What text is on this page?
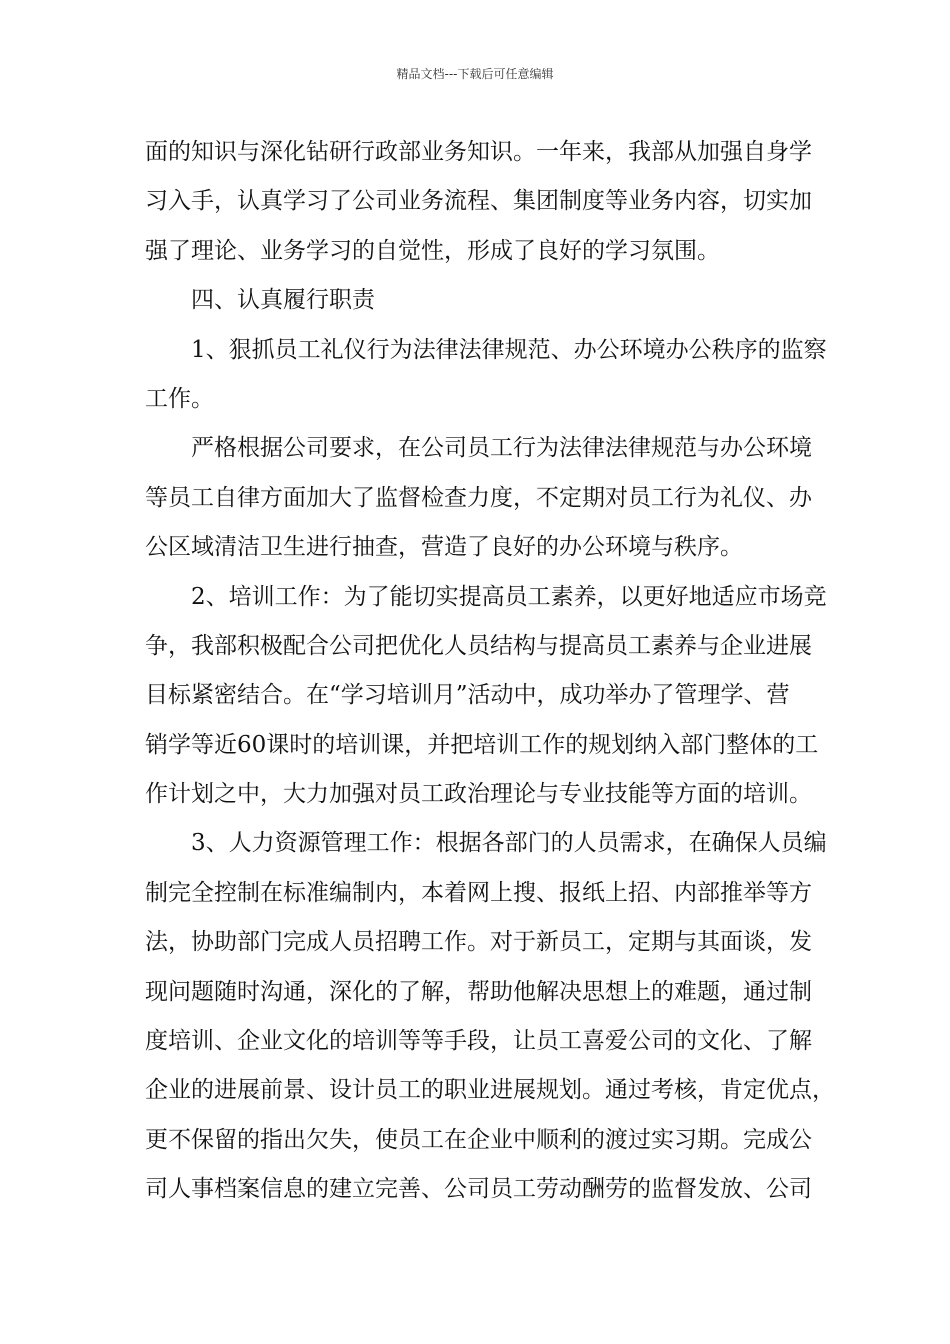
精品文档---下载后可任意编辑
面的知识与深化钻研行政部业务知识。一年来，我部从加强自身学
习入手，认真学习了公司业务流程、集团制度等业务内容，切实加
强了理论、业务学习的自觉性，形成了良好的学习氛围。
四、认真履行职责
1、狠抓员工礼仪行为法律法律规范、办公环境办公秩序的监察
工作。
严格根据公司要求，在公司员工行为法律法律规范与办公环境
等员工自律方面加大了监督检查力度，不定期对员工行为礼仪、办
公区域清洁卫生进行抽查，营造了良好的办公环境与秩序。
2、培训工作：为了能切实提高员工素养，以更好地适应市场竞
争，我部积极配合公司把优化人员结构与提高员工素养与企业进展
目标紧密结合。在“学习培训月”活动中，成功举办了管理学、营
销学等近60课时的培训课，并把培训工作的规划纳入部门整体的工
作计划之中，大力加强对员工政治理论与专业技能等方面的培训。
3、人力资源管理工作：根据各部门的人员需求，在确保人员编
制完全控制在标准编制内，本着网上搜、报纸上招、内部推举等方
法，协助部门完成人员招聘工作。对于新员工，定期与其面谈，发
现问题随时沟通，深化的了解，帮助他解决思想上的难题，通过制
度培训、企业文化的培训等等手段，让员工喜爱公司的文化、了解
企业的进展前景、设计员工的职业进展规划。通过考核，肯定优点，
更不保留的指出欠失，使员工在企业中顺利的渡过实习期。完成公
司人事档案信息的建立完善、公司员工劳动酬劳的监督发放、公司
